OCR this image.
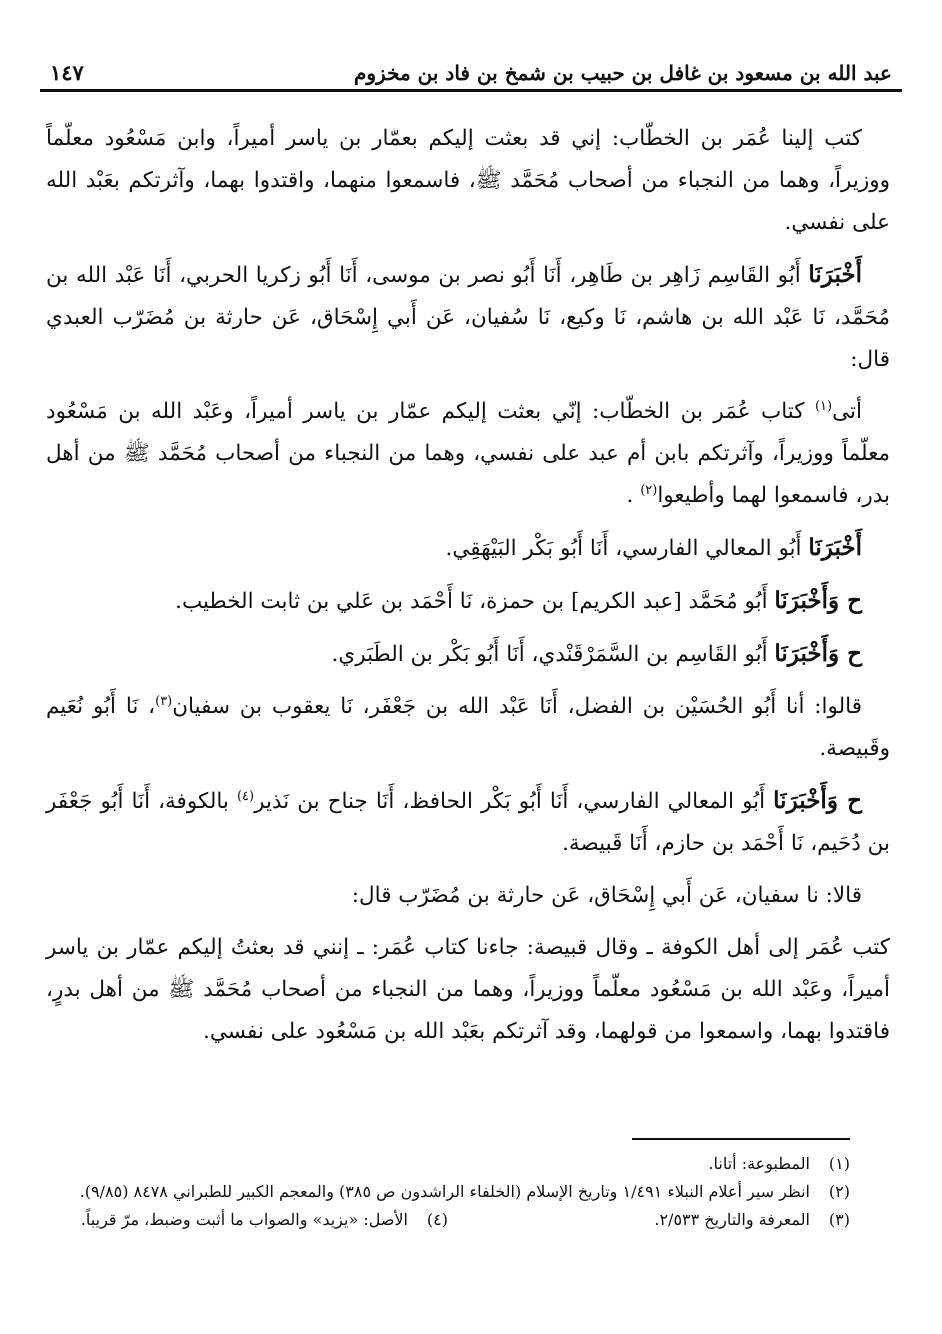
عبد الله بن مسعود بن غافل بن حبيب بن شمخ بن فاد بن مخزوم
١٤٧

كتب إلينا عُمَر بن الخطّاب: إني قد بعثت إليكم بعمّار بن ياسر أميراً، وابن مَسْعُود معلّماً ووزيراً، وهما من النجباء من أصحاب مُحَمَّد ﷺ، فاسمعوا منهما، واقتدوا بهما، وآثرتكم بعَبْد الله على نفسي.

أَخْبَرَنَا أَبُو القَاسِم زَاهِر بن طَاهِر، أَنَا أَبُو نصر بن موسى، أَنَا أَبُو زكريا الحربي، أَنَا عَبْد الله بن مُحَمَّد، نَا عَبْد الله بن هاشم، نَا وكيع، نَا سُفيان، عَن أَبي إِسْحَاق، عَن حارثة بن مُضَرّب العبدي قال:

أتى$^{(١)}$ كتاب عُمَر بن الخطّاب: إنّي بعثت إليكم عمّار بن ياسر أميراً، وعَبْد الله بن مَسْعُود معلّماً ووزيراً، وآثرتكم بابن أم عبد على نفسي، وهما من النجباء من أصحاب مُحَمَّد ﷺ من أهل بدر، فاسمعوا لهما وأطيعوا$^{(٢)}$ .

أَخْبَرَنَا أَبُو المعالي الفارسي، أَنَا أَبُو بَكْر البَيْهَقِي.

ح وَأَخْبَرَنَا أَبُو مُحَمَّد [عبد الكريم] بن حمزة، نَا أَحْمَد بن عَلي بن ثابت الخطيب.

ح وَأَخْبَرَنَا أَبُو القَاسِم بن السَّمَرْقَنْدي، أَنَا أَبُو بَكْر بن الطَبَري.

قالوا: أنا أَبُو الحُسَيْن بن الفضل، أَنَا عَبْد الله بن جَعْفَر، نَا يعقوب بن سفيان$^{(٣)}$، نَا أَبُو نُعَيم وقَبيصة.

ح وَأَخْبَرَنَا أَبُو المعالي الفارسي، أَنَا أَبُو بَكْر الحافظ، أَنَا جناح بن نَذير$^{(٤)}$ بالكوفة، أَنَا أَبُو جَعْفَر بن دُحَيم، نَا أَحْمَد بن حازم، أَنَا قَبيصة.

قالا: نا سفيان، عَن أَبي إِسْحَاق، عَن حارثة بن مُضَرّب قال:

كتب عُمَر إلى أهل الكوفة ـ وقال قبيصة: جاءنا كتاب عُمَر: ـ إنني قد بعثتُ إليكم عمّار بن ياسر أميراً، وعَبْد الله بن مَسْعُود معلّماً ووزيراً، وهما من النجباء من أصحاب مُحَمَّد ﷺ من أهل بدرٍ، فاقتدوا بهما، واسمعوا من قولهما، وقد آثرتكم بعَبْد الله بن مَسْعُود على نفسي.

(١)
المطبوعة: أتانا.
(٢)
انظر سير أعلام النبلاء ١/٤٩١ وتاريخ الإسلام (الخلفاء الراشدون ص ٣٨٥) والمعجم الكبير للطبراني ٨٤٧٨ (٩/٨٥).
(٣)
المعرفة والتاريخ ٢/٥٣٣.
(٤)
الأصل: «يزيد» والصواب ما أثبت وضبط، مرّ قريباً.
